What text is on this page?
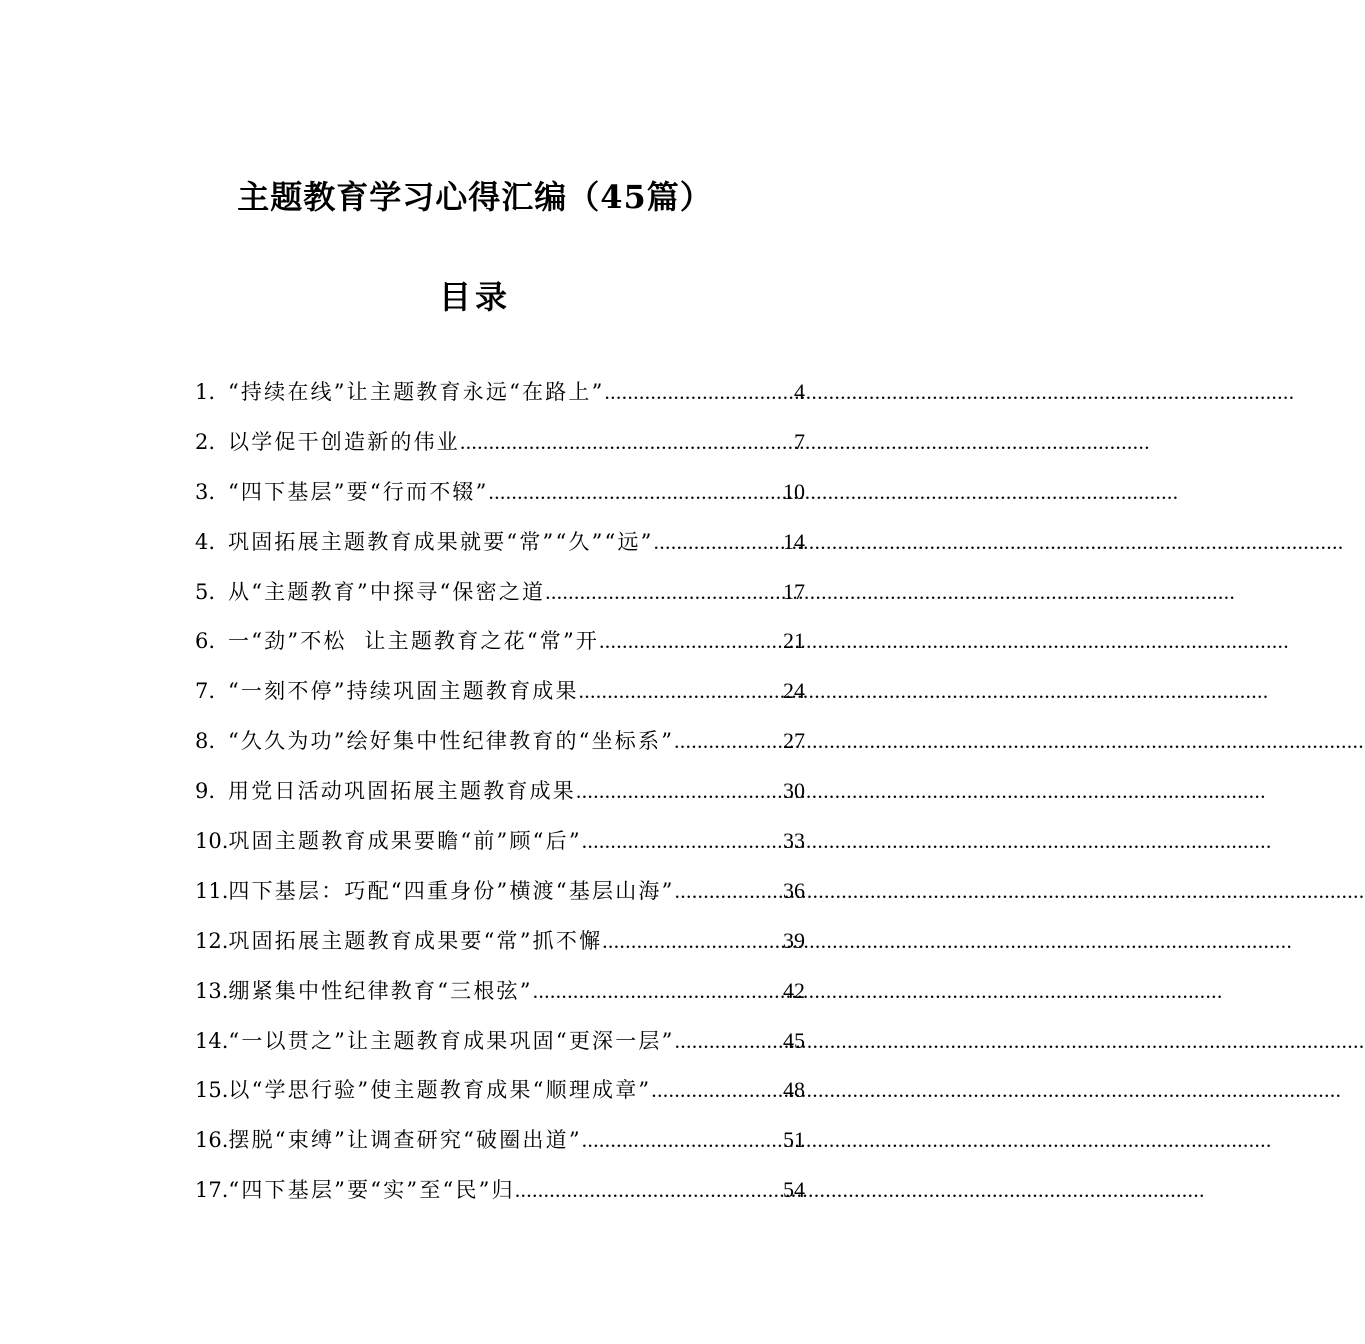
主题教育学习心得汇编（45篇）
目录
1. “持续在线”让主题教育永远“在路上” .....	4
2. 以学促干创造新的伟业 .....	7
3. “四下基层”要“行而不辍” .....	10
4. 巩固拓展主题教育成果就要“常”“久”“远” .....	14
5. 从“主题教育”中探寻“保密之道 .....	17
6. 一“劲”不松  让主题教育之花“常”开 .....	21
7. “一刻不停”持续巩固主题教育成果 .....	24
8. “久久为功”绘好集中性纪律教育的“坐标系” .....	27
9. 用党日活动巩固拓展主题教育成果 .....	30
10. 巩固主题教育成果要瞻“前”顾“后” .....	33
11. 四下基层：巧配“四重身份”横渡“基层山海” .....	36
12. 巩固拓展主题教育成果要“常”抓不懈 .....	39
13. 绷紧集中性纪律教育“三根弦” .....	42
14. “一以贯之”让主题教育成果巩固“更深一层” .....	45
15. 以“学思行验”使主题教育成果“顺理成章” .....	48
16. 摆脱“束缚”让调查研究“破圈出道” .....	51
17. “四下基层”要“实”至“民”归 .....	54
